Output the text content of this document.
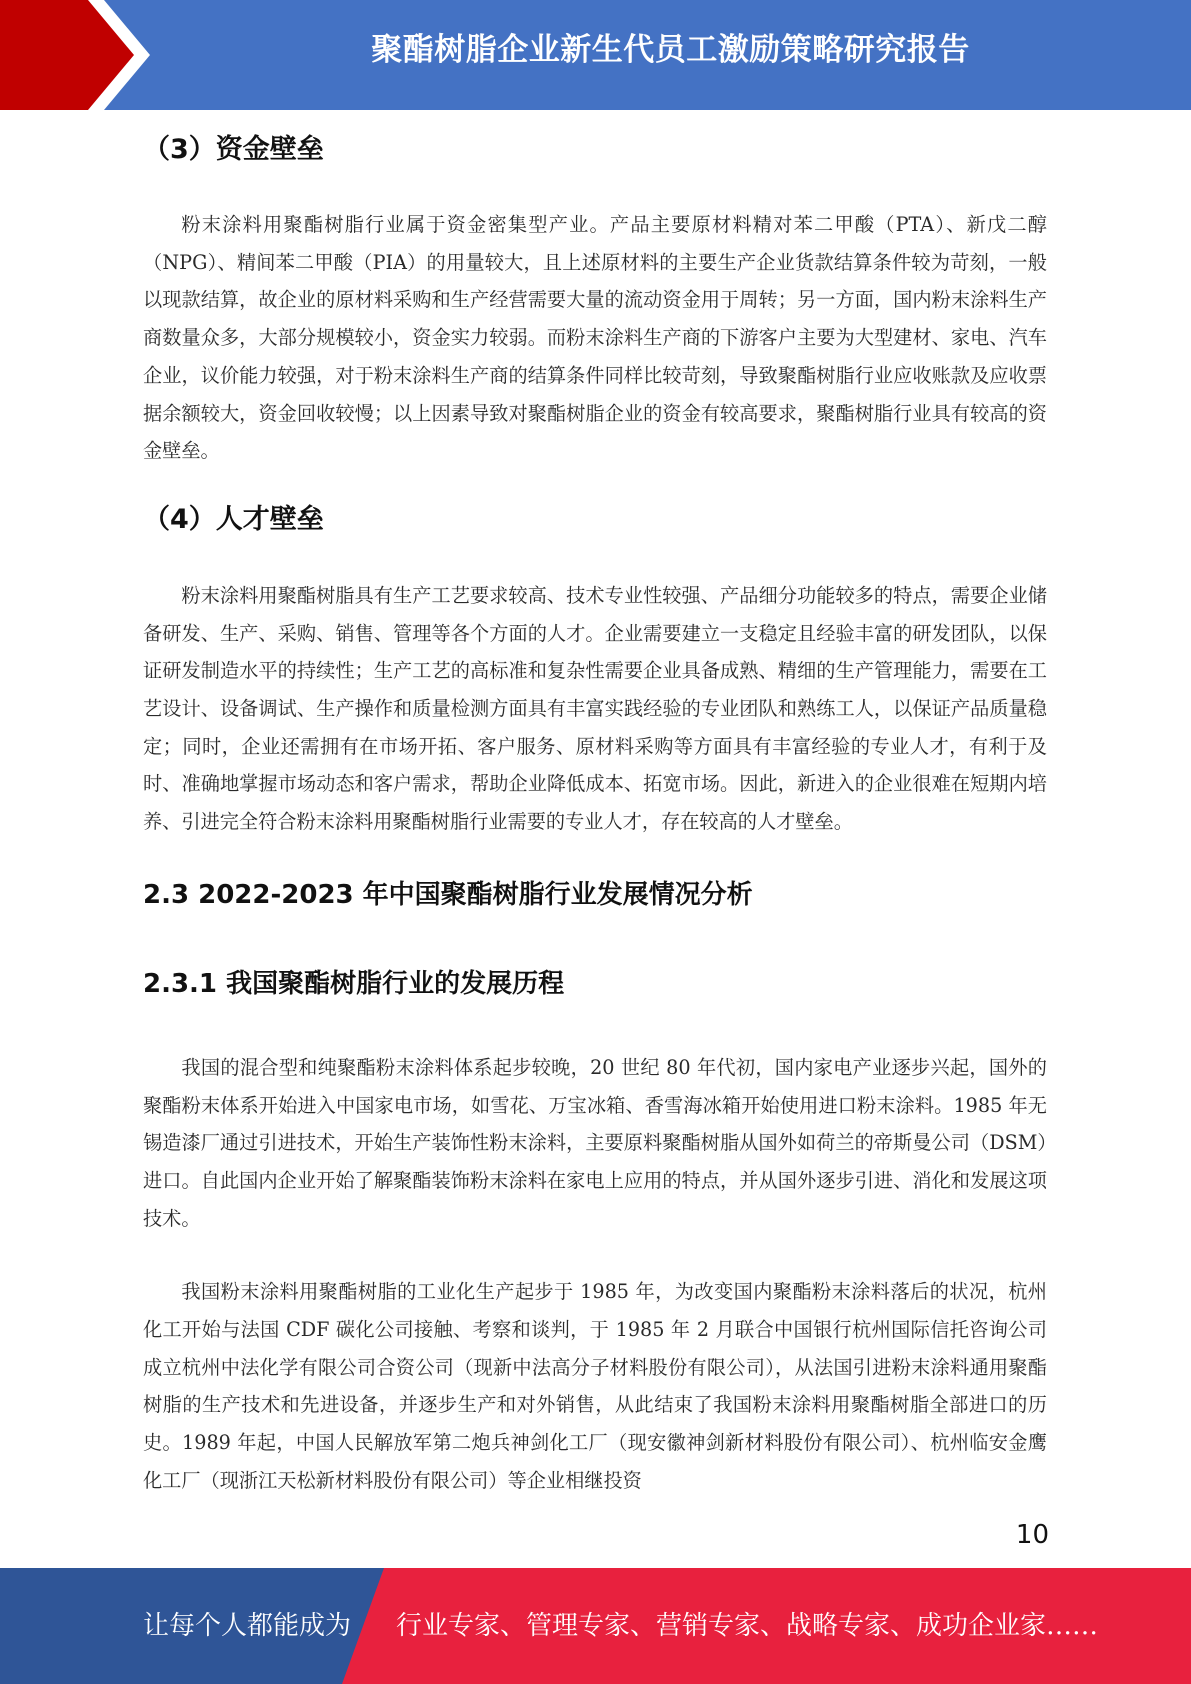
聚酯树脂企业新生代员工激励策略研究报告
（3）资金壁垒

粉末涂料用聚酯树脂行业属于资金密集型产业。产品主要原材料精对苯二甲酸（PTA）、新戊二醇（NPG）、精间苯二甲酸（PIA）的用量较大，且上述原材料的主要生产企业货款结算条件较为苛刻，一般以现款结算，故企业的原材料采购和生产经营需要大量的流动资金用于周转；另一方面，国内粉末涂料生产商数量众多，大部分规模较小，资金实力较弱。而粉末涂料生产商的下游客户主要为大型建材、家电、汽车企业，议价能力较强，对于粉末涂料生产商的结算条件同样比较苛刻，导致聚酯树脂行业应收账款及应收票据余额较大，资金回收较慢；以上因素导致对聚酯树脂企业的资金有较高要求，聚酯树脂行业具有较高的资金壁垒。

（4）人才壁垒

粉末涂料用聚酯树脂具有生产工艺要求较高、技术专业性较强、产品细分功能较多的特点，需要企业储备研发、生产、采购、销售、管理等各个方面的人才。企业需要建立一支稳定且经验丰富的研发团队，以保证研发制造水平的持续性；生产工艺的高标准和复杂性需要企业具备成熟、精细的生产管理能力，需要在工艺设计、设备调试、生产操作和质量检测方面具有丰富实践经验的专业团队和熟练工人，以保证产品质量稳定；同时，企业还需拥有在市场开拓、客户服务、原材料采购等方面具有丰富经验的专业人才，有利于及时、准确地掌握市场动态和客户需求，帮助企业降低成本、拓宽市场。因此，新进入的企业很难在短期内培养、引进完全符合粉末涂料用聚酯树脂行业需要的专业人才，存在较高的人才壁垒。

2.3 2022-2023 年中国聚酯树脂行业发展情况分析
2.3.1 我国聚酯树脂行业的发展历程

我国的混合型和纯聚酯粉末涂料体系起步较晚，20 世纪 80 年代初，国内家电产业逐步兴起，国外的聚酯粉末体系开始进入中国家电市场，如雪花、万宝冰箱、香雪海冰箱开始使用进口粉末涂料。1985 年无锡造漆厂通过引进技术，开始生产装饰性粉末涂料，主要原料聚酯树脂从国外如荷兰的帝斯曼公司（DSM）进口。自此国内企业开始了解聚酯装饰粉末涂料在家电上应用的特点，并从国外逐步引进、消化和发展这项技术。

我国粉末涂料用聚酯树脂的工业化生产起步于 1985 年，为改变国内聚酯粉末涂料落后的状况，杭州化工开始与法国 CDF 碳化公司接触、考察和谈判，于 1985 年 2 月联合中国银行杭州国际信托咨询公司成立杭州中法化学有限公司合资公司（现新中法高分子材料股份有限公司），从法国引进粉末涂料通用聚酯树脂的生产技术和先进设备，并逐步生产和对外销售，从此结束了我国粉末涂料用聚酯树脂全部进口的历史。1989 年起，中国人民解放军第二炮兵神剑化工厂（现安徽神剑新材料股份有限公司）、杭州临安金鹰化工厂（现浙江天松新材料股份有限公司）等企业相继投资

10
让每个人都能成为 行业专家、管理专家、营销专家、战略专家、成功企业家……
